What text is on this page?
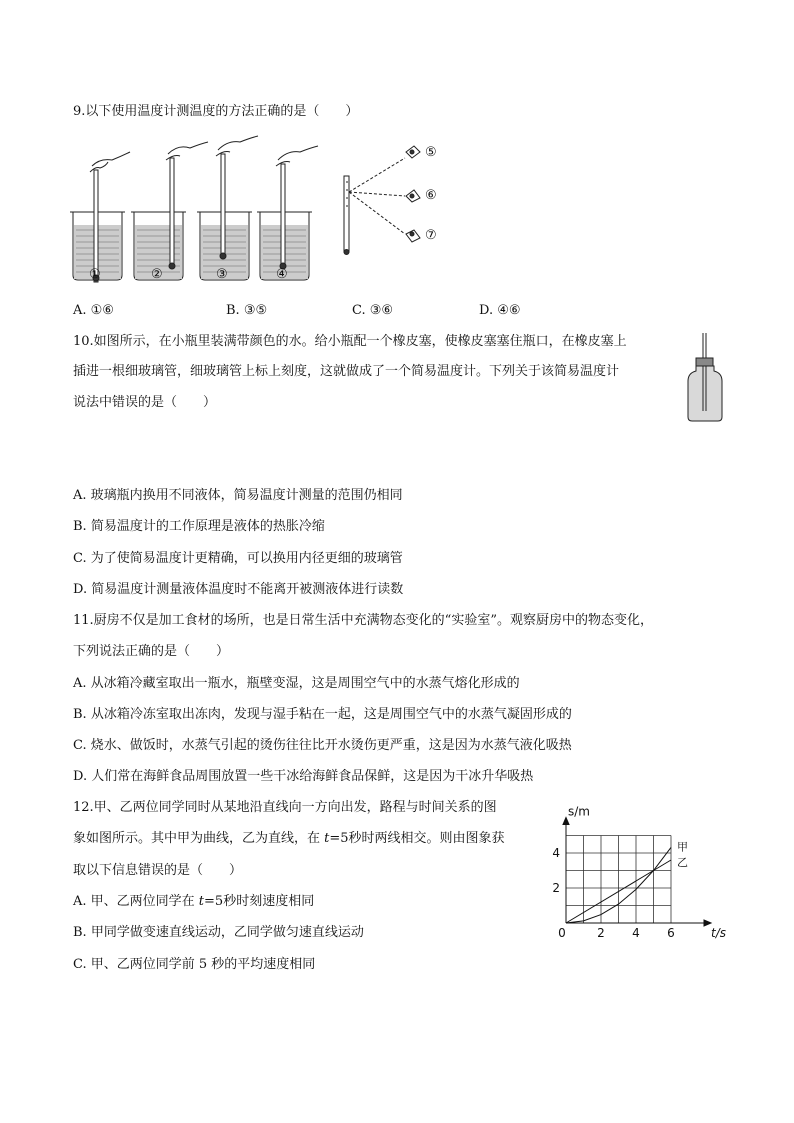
9.以下使用温度计测温度的方法正确的是（　　）
①	②	③	④
⑤
⑥
⑦
A. ①⑥	B. ③⑤	C. ③⑥	D. ④⑥
10.如图所示，在小瓶里装满带颜色的水。给小瓶配一个橡皮塞，使橡皮塞塞住瓶口，在橡皮塞上
插进一根细玻璃管，细玻璃管上标上刻度，这就做成了一个简易温度计。下列关于该简易温度计
说法中错误的是（　　）
A. 玻璃瓶内换用不同液体，简易温度计测量的范围仍相同
B. 简易温度计的工作原理是液体的热胀冷缩
C. 为了使简易温度计更精确，可以换用内径更细的玻璃管
D. 简易温度计测量液体温度时不能离开被测液体进行读数
11.厨房不仅是加工食材的场所，也是日常生活中充满物态变化的“实验室”。观察厨房中的物态变化，
下列说法正确的是（　　）
A. 从冰箱冷藏室取出一瓶水，瓶壁变湿，这是周围空气中的水蒸气熔化形成的
B. 从冰箱冷冻室取出冻肉，发现与湿手粘在一起，这是周围空气中的水蒸气凝固形成的
C. 烧水、做饭时，水蒸气引起的烫伤往往比开水烫伤更严重，这是因为水蒸气液化吸热
D. 人们常在海鲜食品周围放置一些干冰给海鲜食品保鲜，这是因为干冰升华吸热
12.甲、乙两位同学同时从某地沿直线向一方向出发，路程与时间关系的图
象如图所示。其中甲为曲线，乙为直线，在 t=5秒时两线相交。则由图象获
取以下信息错误的是（　　）
A. 甲、乙两位同学在 t=5秒时刻速度相同
B. 甲同学做变速直线运动，乙同学做匀速直线运动
C. 甲、乙两位同学前 5 秒的平均速度相同
甲
乙
0	2 4 6
2
4
t/s
s/m
